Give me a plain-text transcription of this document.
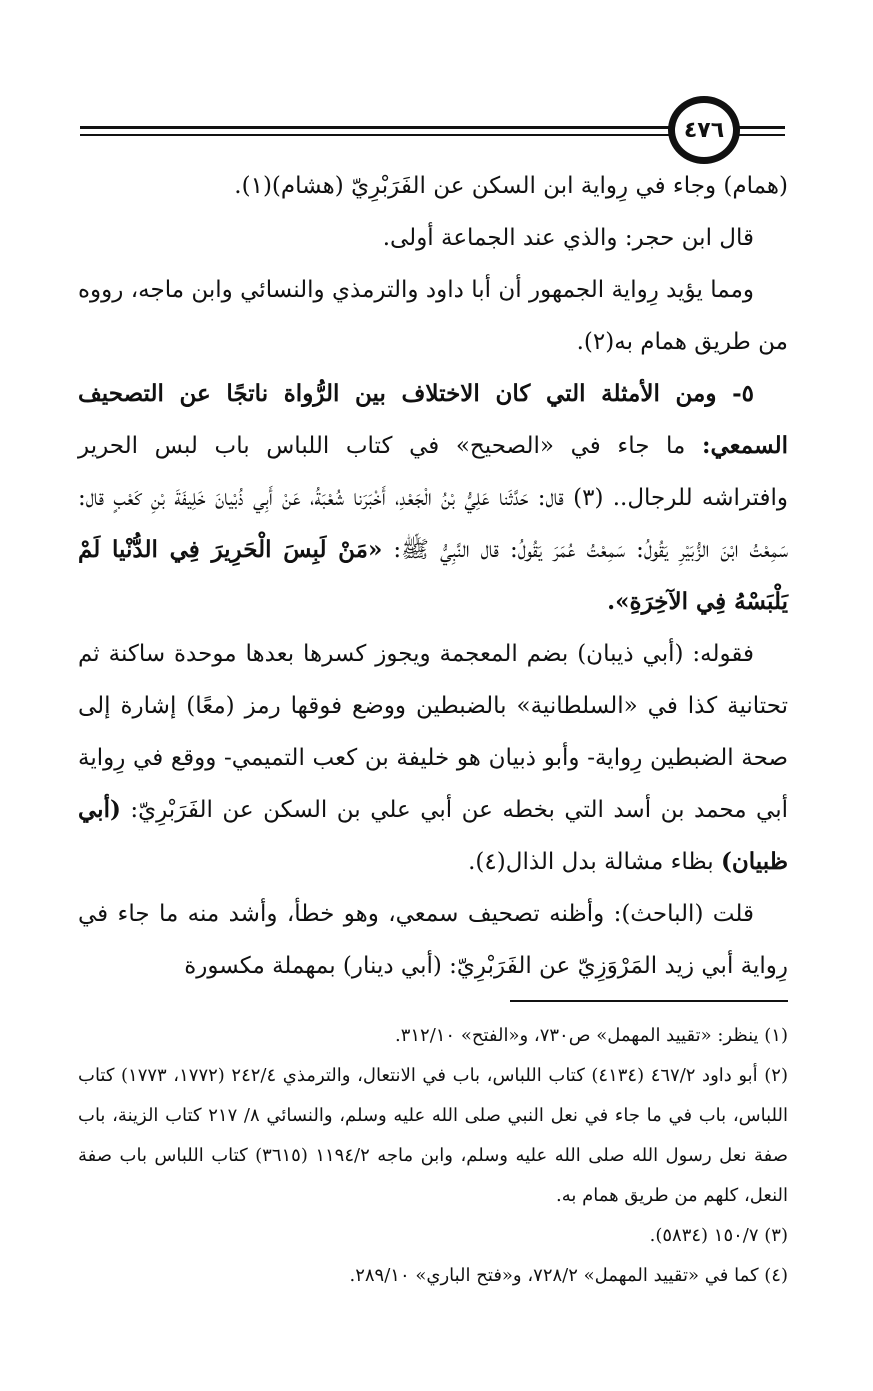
٤٧٦

(همام) وجاء في رِواية ابن السكن عن الفَرَبْرِيّ (هشام)(١).

قال ابن حجر: والذي عند الجماعة أولى.

ومما يؤيد رِواية الجمهور أن أبا داود والترمذي والنسائي وابن ماجه، رووه من طريق همام به(٢).

٥- ومن الأمثلة التي كان الاختلاف بين الرُّواة ناتجًا عن التصحيف السمعي: ما جاء في «الصحيح» في كتاب اللباس باب لبس الحرير وافتراشه للرجال.. (٣) قال: حَدَّثَنا عَلِيُّ بْنُ الْجَعْدِ، أَخْبَرَنا شُعْبَةُ، عَنْ أَبِي ذُبْيانَ خَلِيفَةَ بْنِ كَعْبٍ قال: سَمِعْتُ ابْنَ الزُّبَيْرِ يَقُولُ: سَمِعْتُ عُمَرَ يَقُولُ: قال النَّبِيُّ ﷺ: «مَنْ لَبِسَ الْحَرِيرَ فِي الدُّنْيا لَمْ يَلْبَسْهُ فِي الآخِرَةِ».

فقوله: (أبي ذيبان) بضم المعجمة ويجوز كسرها بعدها موحدة ساكنة ثم تحتانية كذا في «السلطانية» بالضبطين ووضع فوقها رمز (معًا) إشارة إلى صحة الضبطين رِواية- وأبو ذبيان هو خليفة بن كعب التميمي- ووقع في رِواية أبي محمد بن أسد التي بخطه عن أبي علي بن السكن عن الفَرَبْرِيّ: (أبي ظبيان) بظاء مشالة بدل الذال(٤).

قلت (الباحث): وأظنه تصحيف سمعي، وهو خطأ، وأشد منه ما جاء في رِواية أبي زيد المَرْوَزِيّ عن الفَرَبْرِيّ: (أبي دينار) بمهملة مكسورة

(١) ينظر: «تقييد المهمل» ص٧٣٠، و«الفتح» ٣١٢/١٠.

(٢) أبو داود ٤٦٧/٢ (٤١٣٤) كتاب اللباس، باب في الانتعال، والترمذي ٢٤٢/٤ (١٧٧٢، ١٧٧٣) كتاب اللباس، باب في ما جاء في نعل النبي صلى الله عليه وسلم، والنسائي ٨/ ٢١٧ كتاب الزينة، باب صفة نعل رسول الله صلى الله عليه وسلم، وابن ماجه ١١٩٤/٢ (٣٦١٥) كتاب اللباس باب صفة النعل، كلهم من طريق همام به.

(٣) ١٥٠/٧ (٥٨٣٤).

(٤) كما في «تقييد المهمل» ٧٢٨/٢، و«فتح الباري» ٢٨٩/١٠.
